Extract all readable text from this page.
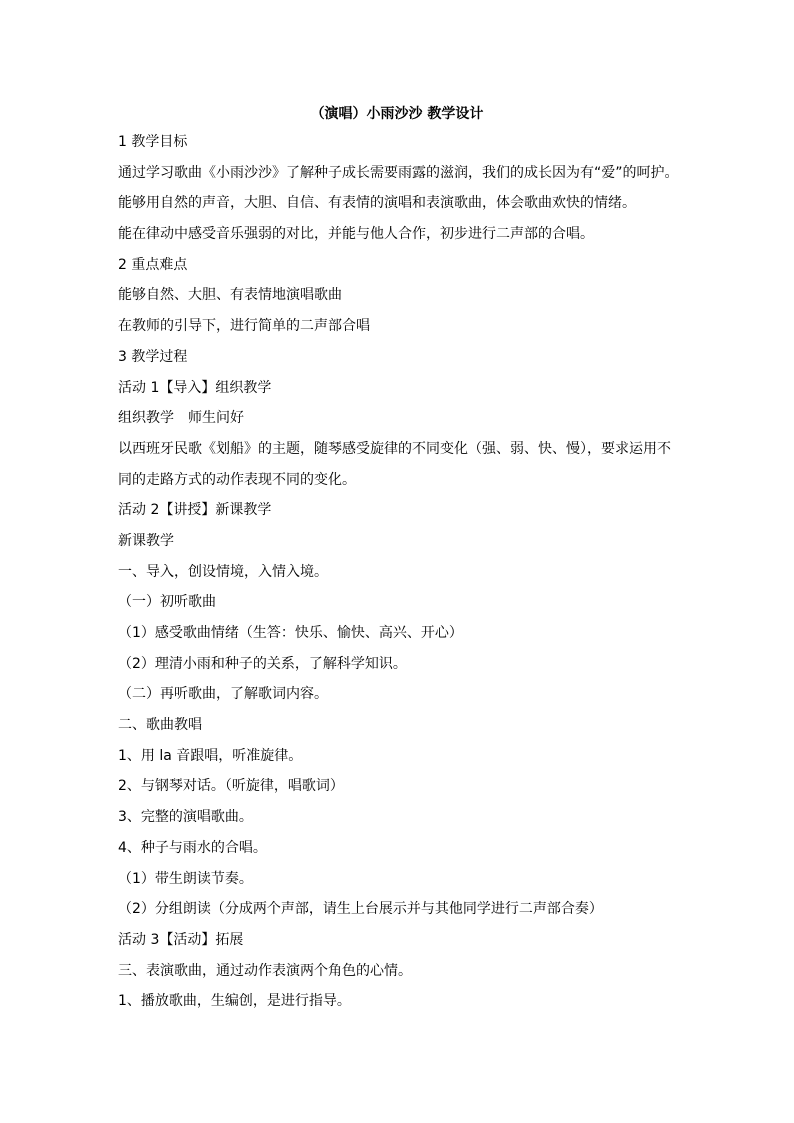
（演唱）小雨沙沙 教学设计
1 教学目标
通过学习歌曲《小雨沙沙》了解种子成长需要雨露的滋润，我们的成长因为有“爱”的呵护。
能够用自然的声音，大胆、自信、有表情的演唱和表演歌曲，体会歌曲欢快的情绪。
能在律动中感受音乐强弱的对比，并能与他人合作，初步进行二声部的合唱。
2 重点难点
能够自然、大胆、有表情地演唱歌曲
在教师的引导下，进行简单的二声部合唱
3 教学过程
活动 1【导入】组织教学
组织教学　师生问好
以西班牙民歌《划船》的主题，随琴感受旋律的不同变化（强、弱、快、慢），要求运用不
同的走路方式的动作表现不同的变化。
活动 2【讲授】新课教学
新课教学
一、导入，创设情境，入情入境。
（一）初听歌曲
（1）感受歌曲情绪（生答：快乐、愉快、高兴、开心）
（2）理清小雨和种子的关系，了解科学知识。
（二）再听歌曲，了解歌词内容。
二、歌曲教唱
1、用 la 音跟唱，听准旋律。
2、与钢琴对话。（听旋律，唱歌词）
3、完整的演唱歌曲。
4、种子与雨水的合唱。
（1）带生朗读节奏。
（2）分组朗读（分成两个声部，请生上台展示并与其他同学进行二声部合奏）
活动 3【活动】拓展
三、表演歌曲，通过动作表演两个角色的心情。
1、播放歌曲，生编创，是进行指导。
